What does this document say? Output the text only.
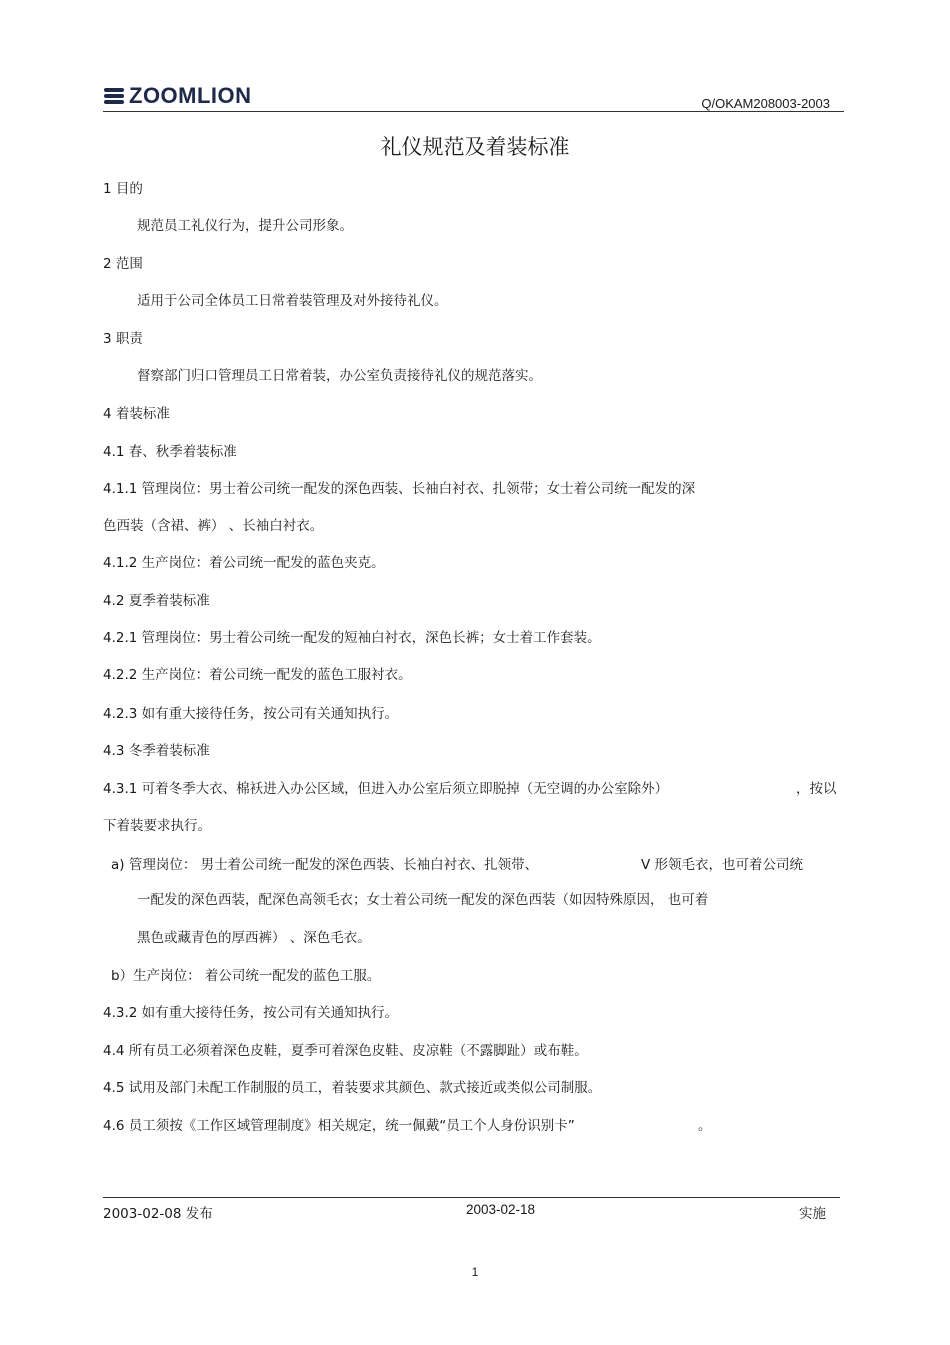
ZOOMLION	Q/OKAM208003-2003
礼仪规范及着装标准
1 目的
规范员工礼仪行为，提升公司形象。
2 范围
适用于公司全体员工日常着装管理及对外接待礼仪。
3 职责
督察部门归口管理员工日常着装，办公室负责接待礼仪的规范落实。
4 着装标准
4.1 春、秋季着装标准
4.1.1 管理岗位：男士着公司统一配发的深色西装、长袖白衬衣、扎领带；女士着公司统一配发的深
色西装（含裙、裤） 、长袖白衬衣。
4.1.2 生产岗位：着公司统一配发的蓝色夹克。
4.2 夏季着装标准
4.2.1 管理岗位：男士着公司统一配发的短袖白衬衣，深色长裤；女士着工作套装。
4.2.2 生产岗位：着公司统一配发的蓝色工服衬衣。
4.2.3 如有重大接待任务，按公司有关通知执行。
4.3 冬季着装标准
4.3.1 可着冬季大衣、棉袄进入办公区域，但进入办公室后须立即脱掉（无空调的办公室除外）	，按以
下着装要求执行。
a) 管理岗位： 男士着公司统一配发的深色西装、长袖白衬衣、扎领带、	V 形领毛衣，也可着公司统
一配发的深色西装，配深色高领毛衣；女士着公司统一配发的深色西装（如因特殊原因， 也可着
黑色或藏青色的厚西裤） 、深色毛衣。
b）生产岗位： 着公司统一配发的蓝色工服。
4.3.2 如有重大接待任务，按公司有关通知执行。
4.4 所有员工必须着深色皮鞋，夏季可着深色皮鞋、皮凉鞋（不露脚趾）或布鞋。
4.5 试用及部门未配工作制服的员工，着装要求其颜色、款式接近或类似公司制服。
4.6 员工须按《工作区域管理制度》相关规定，统一佩戴“员工个人身份识别卡”	。
2003-02-08 发布	2003-02-18	实施
1
